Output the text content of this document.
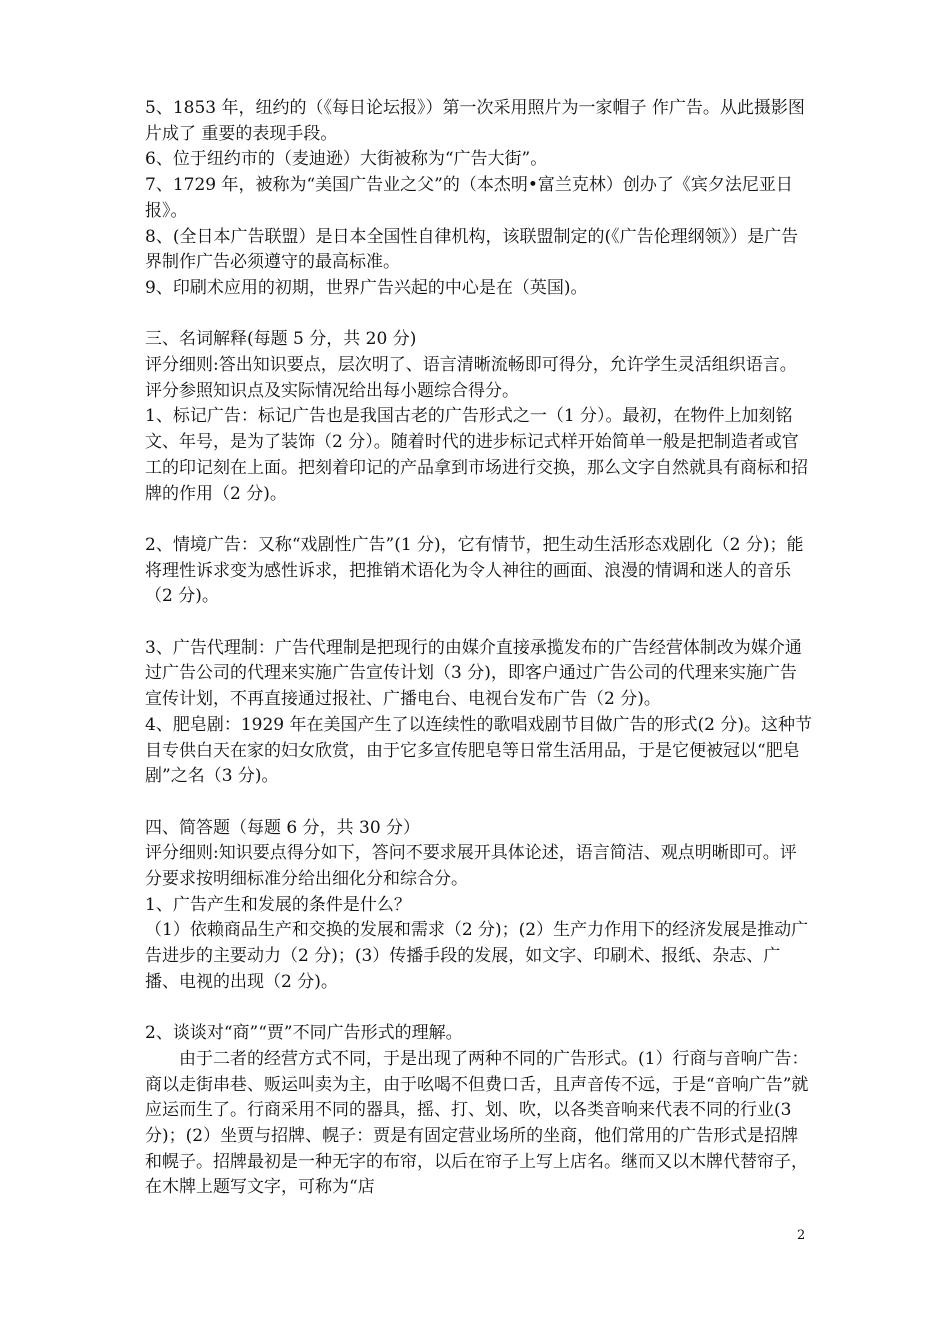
5、1853 年，纽约的（《每日论坛报》）第一次采用照片为一家帽子 作广告。从此摄影图片成了 重要的表现手段。

6、位于纽约市的（麦迪逊）大街被称为“广告大街”。

7、1729 年，被称为“美国广告业之父”的（本杰明•富兰克林）创办了《宾夕法尼亚日报》。

8、(全日本广告联盟）是日本全国性自律机构，该联盟制定的(《广告伦理纲领》）是广告界制作广告必须遵守的最高标准。

9、印刷术应用的初期，世界广告兴起的中心是在（英国)。

三、名词解释(每题 5 分，共 20 分)

评分细则:答出知识要点，层次明了、语言清晰流畅即可得分，允许学生灵活组织语言。评分参照知识点及实际情况给出每小题综合得分。

1、标记广告：标记广告也是我国古老的广告形式之一（1 分）。最初，在物件上加刻铭文、年号，是为了装饰（2 分）。随着时代的进步标记式样开始简单一般是把制造者或官工的印记刻在上面。把刻着印记的产品拿到市场进行交换，那么文字自然就具有商标和招牌的作用（2 分)。

2、情境广告：又称“戏剧性广告”(1 分)，它有情节，把生动生活形态戏剧化（2 分)；能将理性诉求变为感性诉求，把推销术语化为令人神往的画面、浪漫的情调和迷人的音乐（2 分)。

3、广告代理制：广告代理制是把现行的由媒介直接承揽发布的广告经营体制改为媒介通过广告公司的代理来实施广告宣传计划（3 分)，即客户通过广告公司的代理来实施广告宣传计划，不再直接通过报社、广播电台、电视台发布广告（2 分)。

4、肥皂剧：1929 年在美国产生了以连续性的歌唱戏剧节目做广告的形式(2 分)。这种节目专供白天在家的妇女欣赏，由于它多宣传肥皂等日常生活用品，于是它便被冠以“肥皂剧”之名（3 分)。

四、简答题（每题 6 分，共 30 分）

评分细则:知识要点得分如下，答问不要求展开具体论述，语言简洁、观点明晰即可。评分要求按明细标准分给出细化分和综合分。

1、广告产生和发展的条件是什么？

（1）依赖商品生产和交换的发展和需求（2 分)；(2）生产力作用下的经济发展是推动广告进步的主要动力（2 分)；(3）传播手段的发展，如文字、印刷术、报纸、杂志、广播、电视的出现（2 分)。

2、谈谈对“商”“贾”不同广告形式的理解。

由于二者的经营方式不同，于是出现了两种不同的广告形式。(1）行商与音响广告：商以走街串巷、贩运叫卖为主，由于吆喝不但费口舌，且声音传不远，于是“音响广告”就应运而生了。行商采用不同的器具，摇、打、划、吹，以各类音响来代表不同的行业(3 分)；(2）坐贾与招牌、幌子：贾是有固定营业场所的坐商，他们常用的广告形式是招牌和幌子。招牌最初是一种无字的布帘，以后在帘子上写上店名。继而又以木牌代替帘子，在木牌上题写文字，可称为“店

2
